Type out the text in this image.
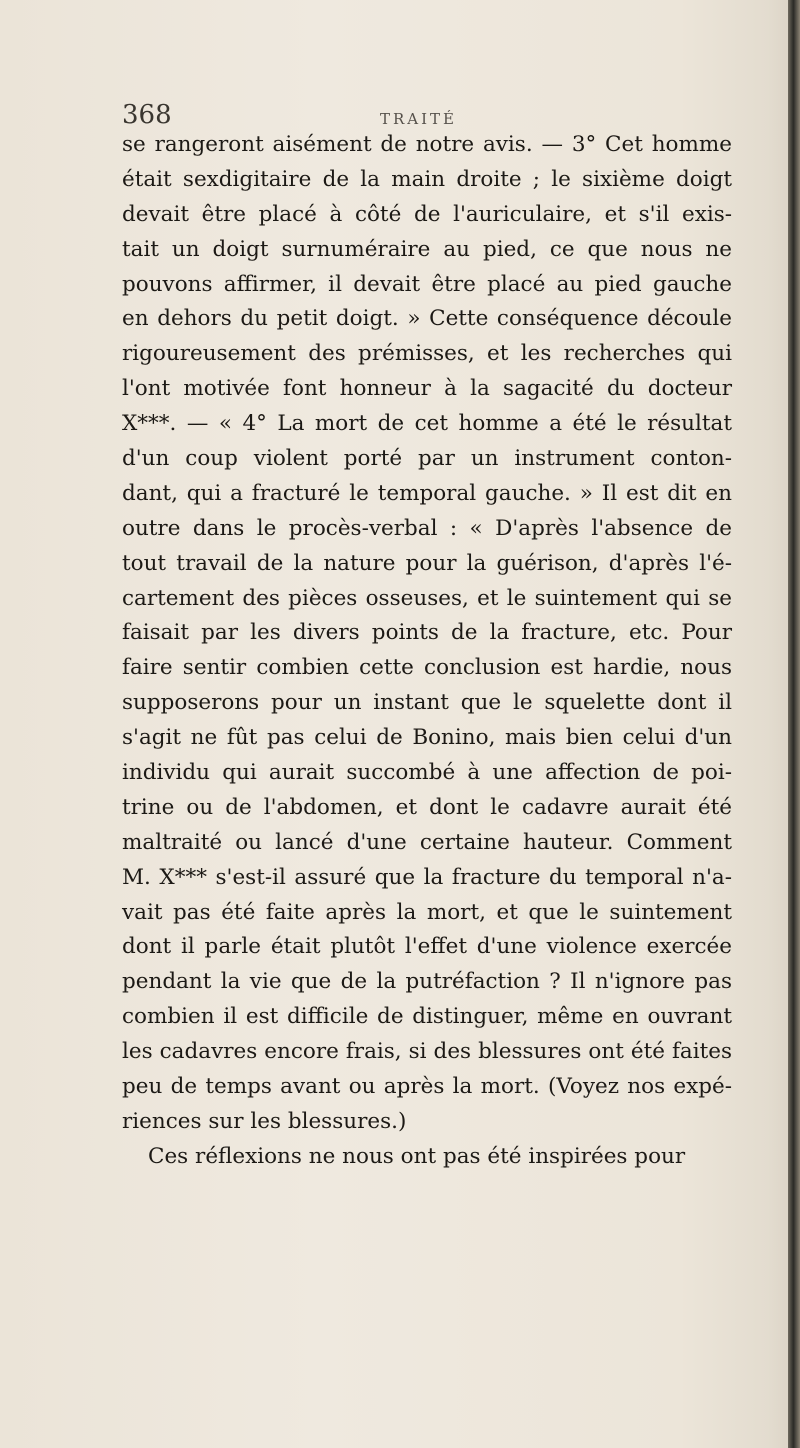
368	TRAITÉ
se rangeront aisément de notre avis. — 3° Cet homme
était sexdigitaire de la main droite ; le sixième doigt
devait être placé à côté de l'auriculaire, et s'il exis-
tait un doigt surnuméraire au pied, ce que nous ne
pouvons affirmer, il devait être placé au pied gauche
en dehors du petit doigt. » Cette conséquence découle
rigoureusement des prémisses, et les recherches qui
l'ont motivée font honneur à la sagacité du docteur
X***. — « 4° La mort de cet homme a été le résultat
d'un coup violent porté par un instrument conton-
dant, qui a fracturé le temporal gauche. » Il est dit en
outre dans le procès-verbal : « D'après l'absence de
tout travail de la nature pour la guérison, d'après l'é-
cartement des pièces osseuses, et le suintement qui se
faisait par les divers points de la fracture, etc. Pour
faire sentir combien cette conclusion est hardie, nous
supposerons pour un instant que le squelette dont il
s'agit ne fût pas celui de Bonino, mais bien celui d'un
individu qui aurait succombé à une affection de poi-
trine ou de l'abdomen, et dont le cadavre aurait été
maltraité ou lancé d'une certaine hauteur. Comment
M. X*** s'est-il assuré que la fracture du temporal n'a-
vait pas été faite après la mort, et que le suintement
dont il parle était plutôt l'effet d'une violence exercée
pendant la vie que de la putréfaction ? Il n'ignore pas
combien il est difficile de distinguer, même en ouvrant
les cadavres encore frais, si des blessures ont été faites
peu de temps avant ou après la mort. (Voyez nos expé-
riences sur les blessures.)
Ces réflexions ne nous ont pas été inspirées pour
